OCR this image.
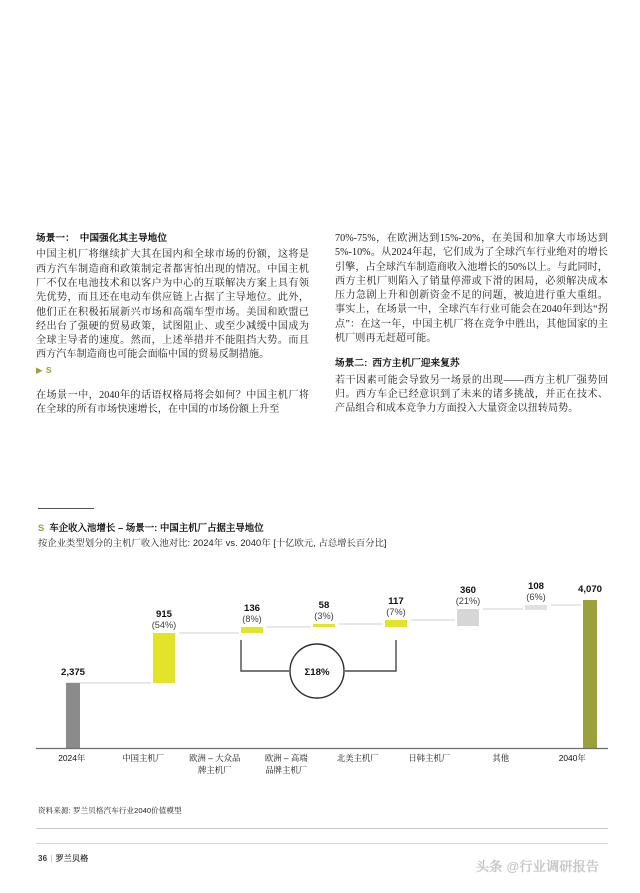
场景一： 中国强化其主导地位

中国主机厂将继续扩大其在国内和全球市场的份额，这将是西方汽车制造商和政策制定者都害怕出现的情况。中国主机厂不仅在电池技术和以客户为中心的互联解决方案上具有领先优势，而且还在电动车供应链上占据了主导地位。此外，他们正在积极拓展新兴市场和高端车型市场。美国和欧盟已经出台了强硬的贸易政策，试图阻止、或至少减缓中国成为全球主导者的速度。然而，上述举措并不能阻挡大势。而且西方汽车制造商也可能会面临中国的贸易反制措施。

▶ S

在场景一中，2040年的话语权格局将会如何？中国主机厂将在全球的所有市场快速增长，在中国的市场份额上升至

70%-75%，在欧洲达到15%-20%，在美国和加拿大市场达到5%-10%。从2024年起，它们成为了全球汽车行业绝对的增长引擎，占全球汽车制造商收入池增长的50%以上。与此同时，西方主机厂则陷入了销量停滞或下滑的困局，必须解决成本压力急剧上升和创新资金不足的问题，被迫进行重大重组。事实上，在场景一中，全球汽车行业可能会在2040年到达“拐点”：在这一年，中国主机厂将在竞争中胜出，其他国家的主机厂则再无赶超可能。

场景二: 西方主机厂迎来复苏

若干因素可能会导致另一场景的出现——西方主机厂强势回归。西方车企已经意识到了未来的诸多挑战，并正在技术、产品组合和成本竞争力方面投入大量资金以扭转局势。

S 车企收入池增长 – 场景一: 中国主机厂占据主导地位
按企业类型划分的主机厂收入池对比: 2024年 vs. 2040年 [十亿欧元, 占总增长百分比]
Σ18%
2,375
915
136	58	117
360	108	4,070
(54%)
(8%)	(3%)	(7%)
(21%)	(6%)
2024年	中国主机厂	欧洲 – 大众品
牌主机厂
欧洲 – 高端
品牌主机厂
北美主机厂	日韩主机厂	其他	2040年
资料来源: 罗兰贝格汽车行业2040价值模型
36 | 罗兰贝格
头条 @行业调研报告
